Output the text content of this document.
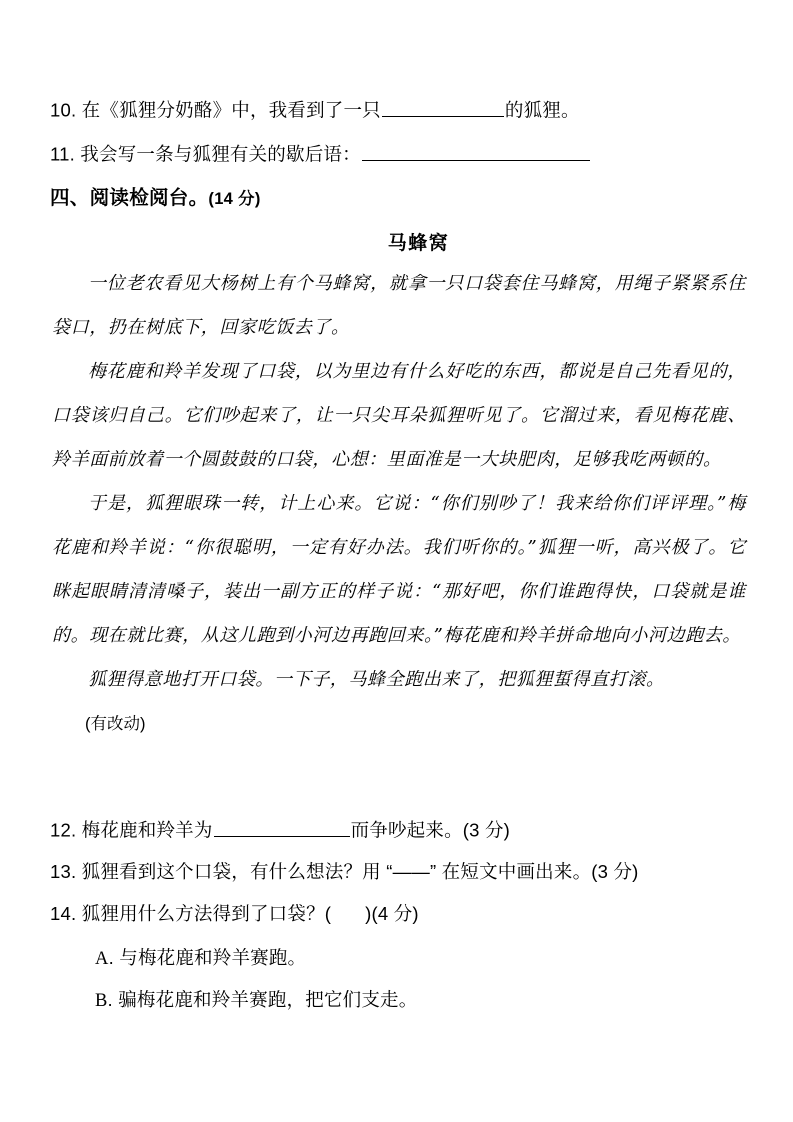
10. 在《狐狸分奶酪》中，我看到了一只	的狐狸。
11. 我会写一条与狐狸有关的歇后语：
四、阅读检阅台。(14 分)
马蜂窝

一位老农看见大杨树上有个马蜂窝，就拿一只口袋套住马蜂窝，用绳子紧紧系住袋口，扔在树底下，回家吃饭去了。

梅花鹿和羚羊发现了口袋，以为里边有什么好吃的东西，都说是自己先看见的，口袋该归自己。它们吵起来了，让一只尖耳朵狐狸听见了。它溜过来，看见梅花鹿、羚羊面前放着一个圆鼓鼓的口袋，心想：里面准是一大块肥肉，足够我吃两顿的。

于是，狐狸眼珠一转，计上心来。它说：“你们别吵了！我来给你们评评理。”梅花鹿和羚羊说：“你很聪明，一定有好办法。我们听你的。”狐狸一听，高兴极了。它眯起眼睛清清嗓子，装出一副方正的样子说：“那好吧，你们谁跑得快，口袋就是谁的。现在就比赛，从这儿跑到小河边再跑回来。”梅花鹿和羚羊拼命地向小河边跑去。

狐狸得意地打开口袋。一下子，马蜂全跑出来了，把狐狸蜇得直打滚。

(有改动)

12. 梅花鹿和羚羊为	而争吵起来。(3 分)
13. 狐狸看到这个口袋，有什么想法？用 “——” 在短文中画出来。(3 分)
14. 狐狸用什么方法得到了口袋？( )(4 分)
A. 与梅花鹿和羚羊赛跑。
B. 骗梅花鹿和羚羊赛跑，把它们支走。
